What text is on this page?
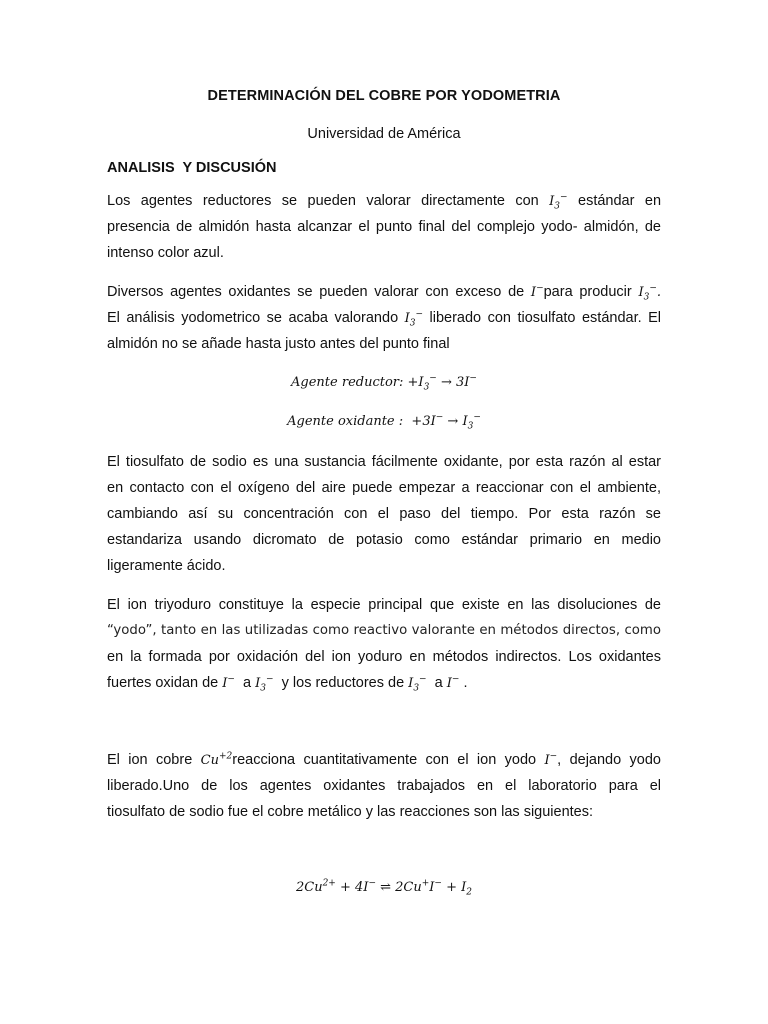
DETERMINACIÓN DEL COBRE POR YODOMETRIA
Universidad de América
ANALISIS  Y DISCUSIÓN
Los agentes reductores se pueden valorar directamente con $I_3^-$ estándar en
presencia de almidón hasta alcanzar el punto final del complejo yodo- almidón, de
intenso color azul.
Diversos agentes oxidantes se pueden valorar con exceso de I−para producir $I_3^-$.
El análisis yodometrico se acaba valorando $I_3^-$ liberado con tiosulfato estándar. El
almidón no se añade hasta justo antes del punto final
Agente reductor: $+I_3^- \to 3I^-$
Agente oxidante : $+3I^- \to I_3^-$
El tiosulfato de sodio es una sustancia fácilmente oxidante, por esta razón al estar
en contacto con el oxígeno del aire puede empezar a reaccionar con el ambiente,
cambiando así su concentración con el paso del tiempo. Por esta razón se
estandariza usando dicromato de potasio como estándar primario en medio
ligeramente ácido.
El ion triyoduro constituye la especie principal que existe en las disoluciones de
“yodo”, tanto en las utilizadas como reactivo valorante en métodos directos, como
en la formada por oxidación del ion yoduro en métodos indirectos. Los oxidantes
fuertes oxidan de I− a $I_3^-$ y los reductores de $I_3^-$ a I− .
El ion cobre $Cu^{+2}reacciona$ cuantitativamente con el ion yodo I−, dejando yodo
liberado.Uno de los agentes oxidantes trabajados en el laboratorio para el
tiosulfato de sodio fue el cobre metálico y las reacciones son las siguientes:
$2Cu^{2+} + 4I^-$ ⇌ $2Cu^+I^- + I_2$
